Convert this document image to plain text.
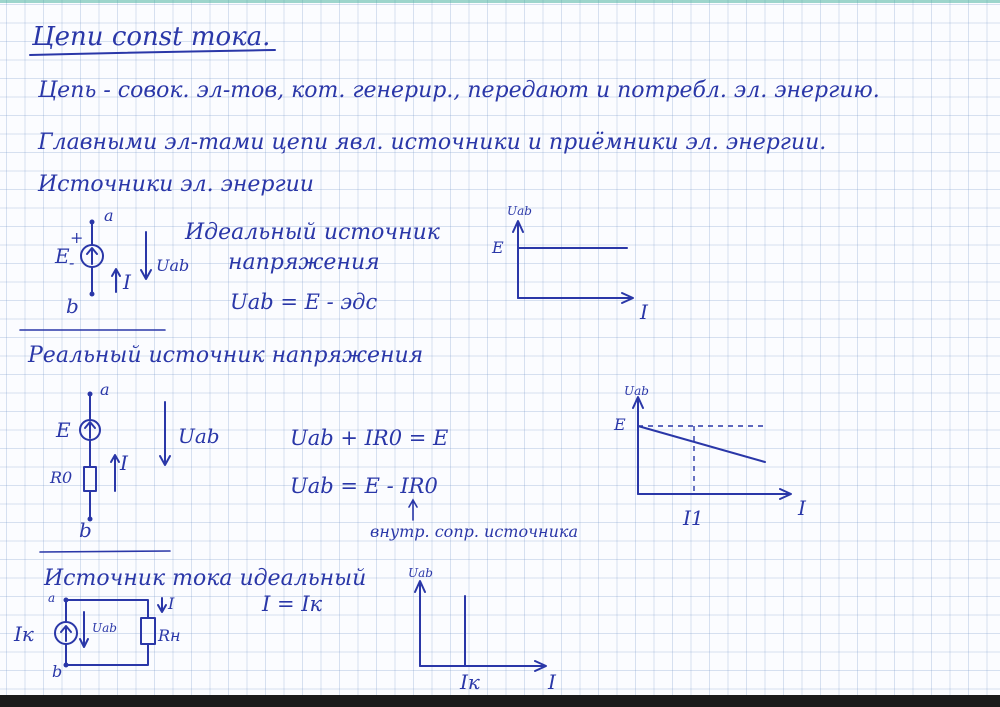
Цепи const тока.
Цепь - совок. эл-тов, кот. генерир., передают и потребл. эл. энергию.
Главными эл-тами цепи явл. источники и приёмники эл. энергии.
Источники эл. энергии
a
+
E -
I
Uab
b
Идеальный источник
напряжения
Uab = E - эдс
Uab
E
I
Реальный источник напряжения
a
E
R0
I
Uab
b
Uab + IR0 = E
Uab = E - IR0
внутр. сопр. источника
Uab
E
I
I1
Источник тока идеальный
I = Iк
a
Iк	Uab
I
Rн
b
Uab
I
Iк
